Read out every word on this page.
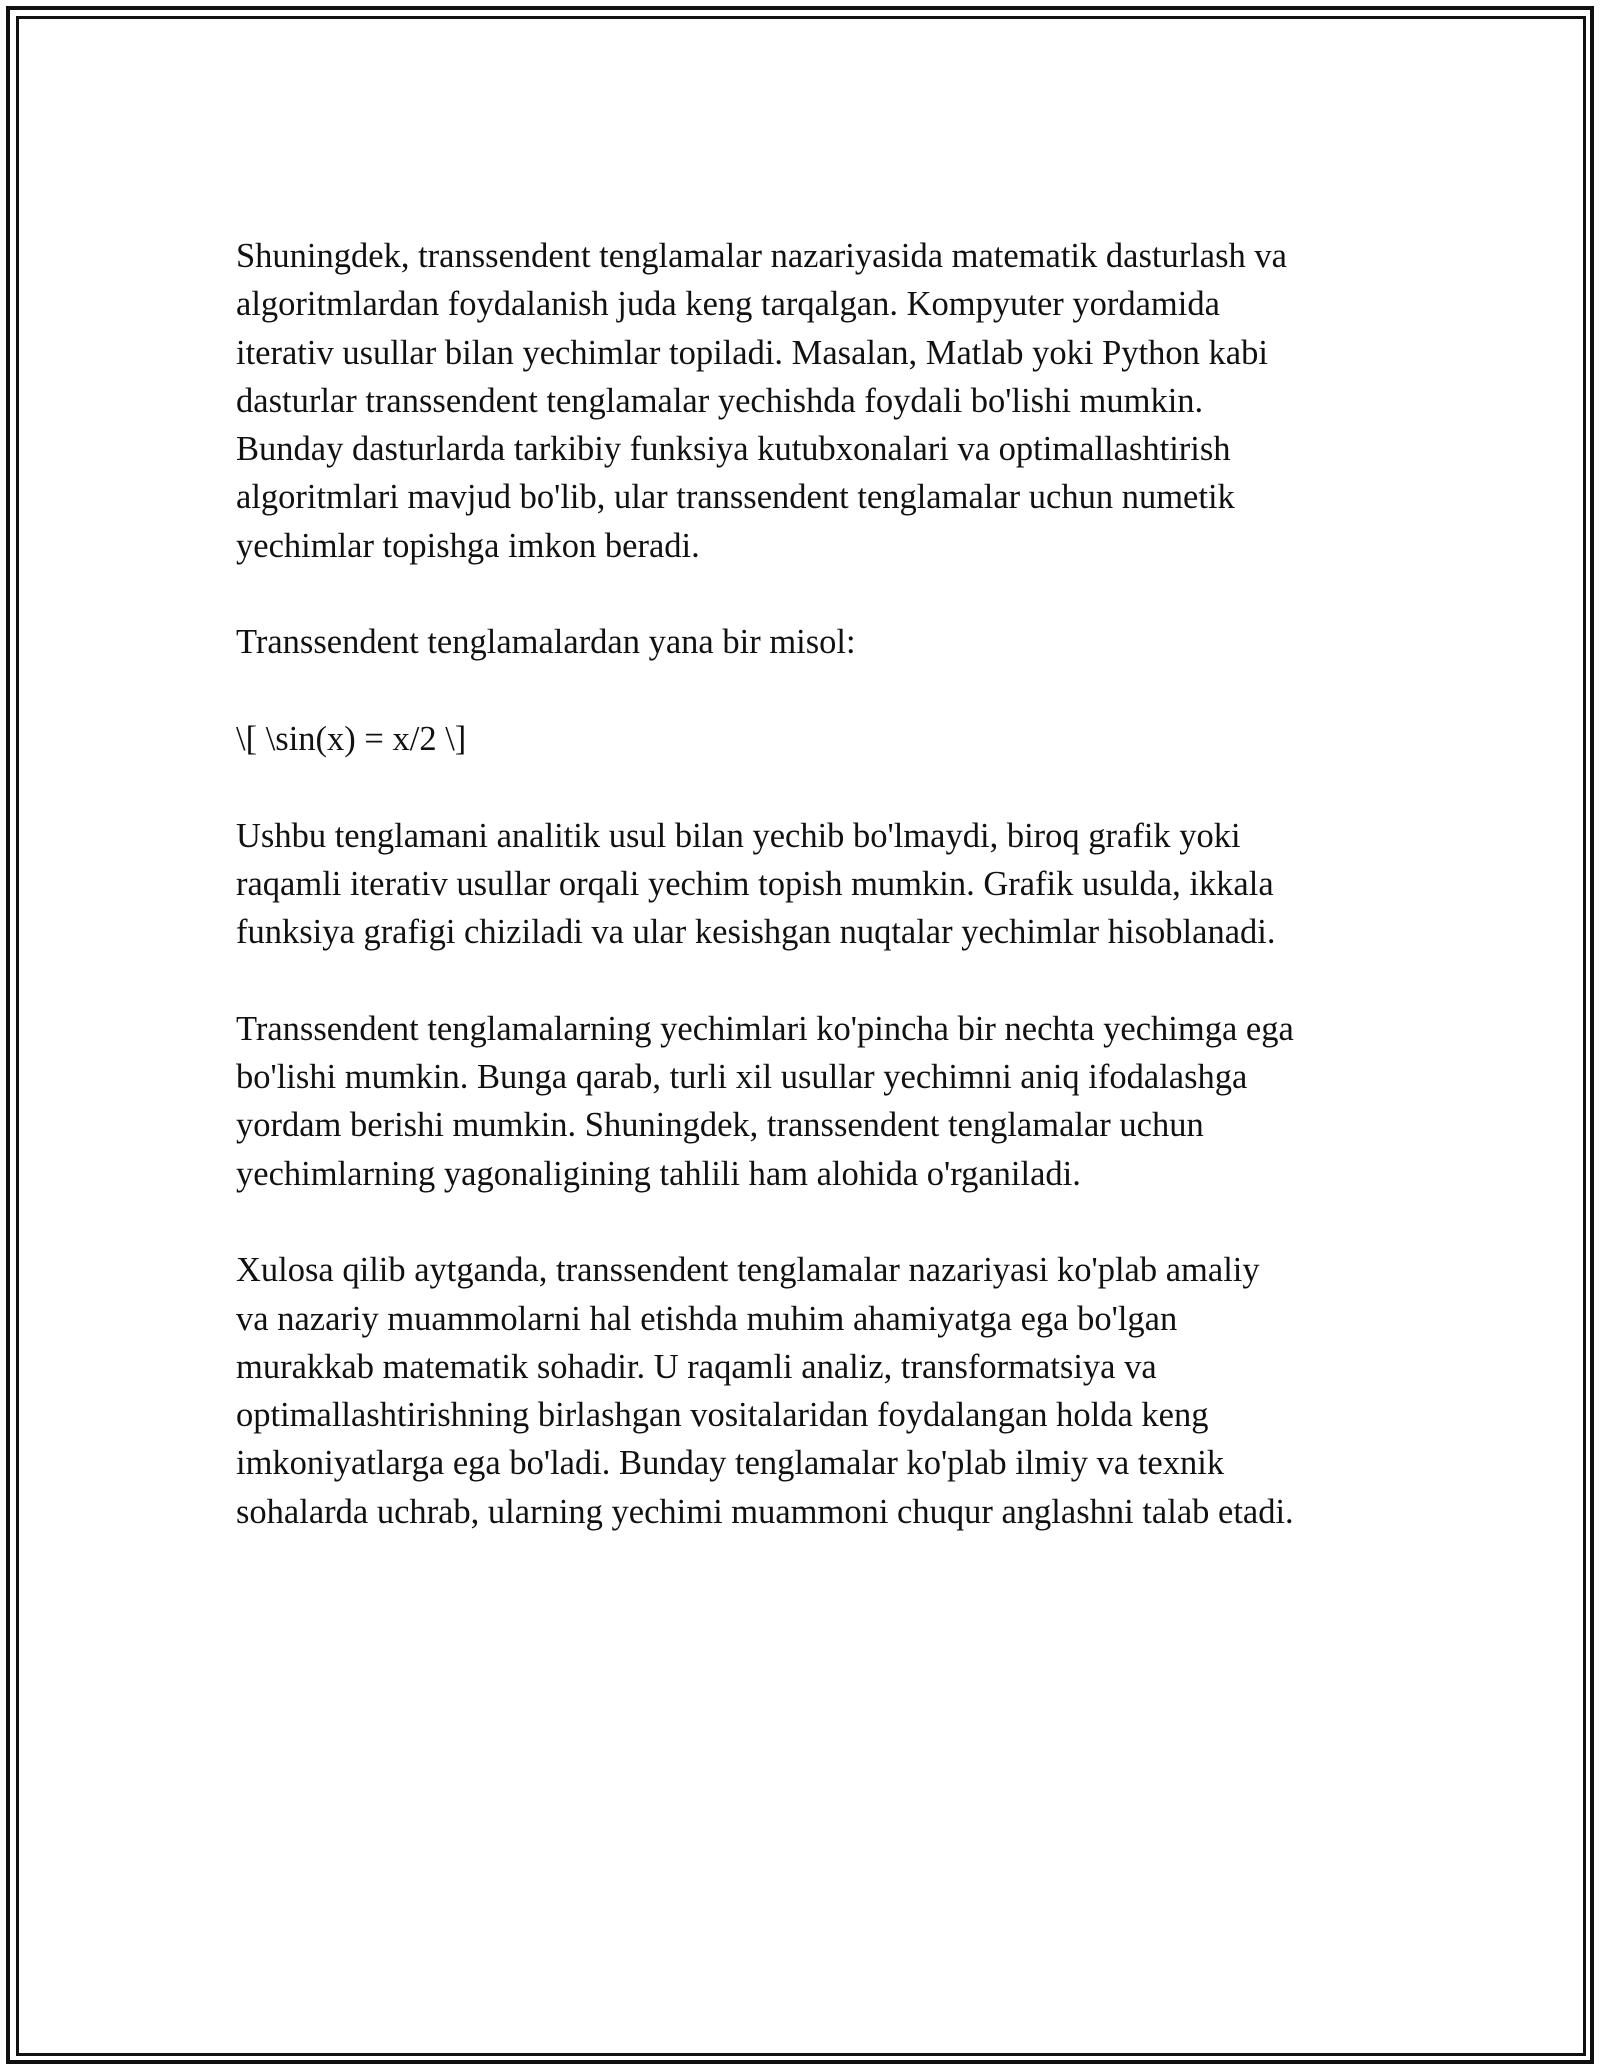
Shuningdek, transsendent tenglamalar nazariyasida matematik dasturlash va
algoritmlardan foydalanish juda keng tarqalgan. Kompyuter yordamida
iterativ usullar bilan yechimlar topiladi. Masalan, Matlab yoki Python kabi
dasturlar transsendent tenglamalar yechishda foydali bo'lishi mumkin.
Bunday dasturlarda tarkibiy funksiya kutubxonalari va optimallashtirish
algoritmlari mavjud bo'lib, ular transsendent tenglamalar uchun numetik
yechimlar topishga imkon beradi.

Transsendent tenglamalardan yana bir misol:

\[ \sin(x) = x/2 \]

Ushbu tenglamani analitik usul bilan yechib bo'lmaydi, biroq grafik yoki
raqamli iterativ usullar orqali yechim topish mumkin. Grafik usulda, ikkala
funksiya grafigi chiziladi va ular kesishgan nuqtalar yechimlar hisoblanadi.

Transsendent tenglamalarning yechimlari ko'pincha bir nechta yechimga ega
bo'lishi mumkin. Bunga qarab, turli xil usullar yechimni aniq ifodalashga
yordam berishi mumkin. Shuningdek, transsendent tenglamalar uchun
yechimlarning yagonaligining tahlili ham alohida o'rganiladi.

Xulosa qilib aytganda, transsendent tenglamalar nazariyasi ko'plab amaliy
va nazariy muammolarni hal etishda muhim ahamiyatga ega bo'lgan
murakkab matematik sohadir. U raqamli analiz, transformatsiya va
optimallashtirishning birlashgan vositalaridan foydalangan holda keng
imkoniyatlarga ega bo'ladi. Bunday tenglamalar ko'plab ilmiy va texnik
sohalarda uchrab, ularning yechimi muammoni chuqur anglashni talab etadi.
